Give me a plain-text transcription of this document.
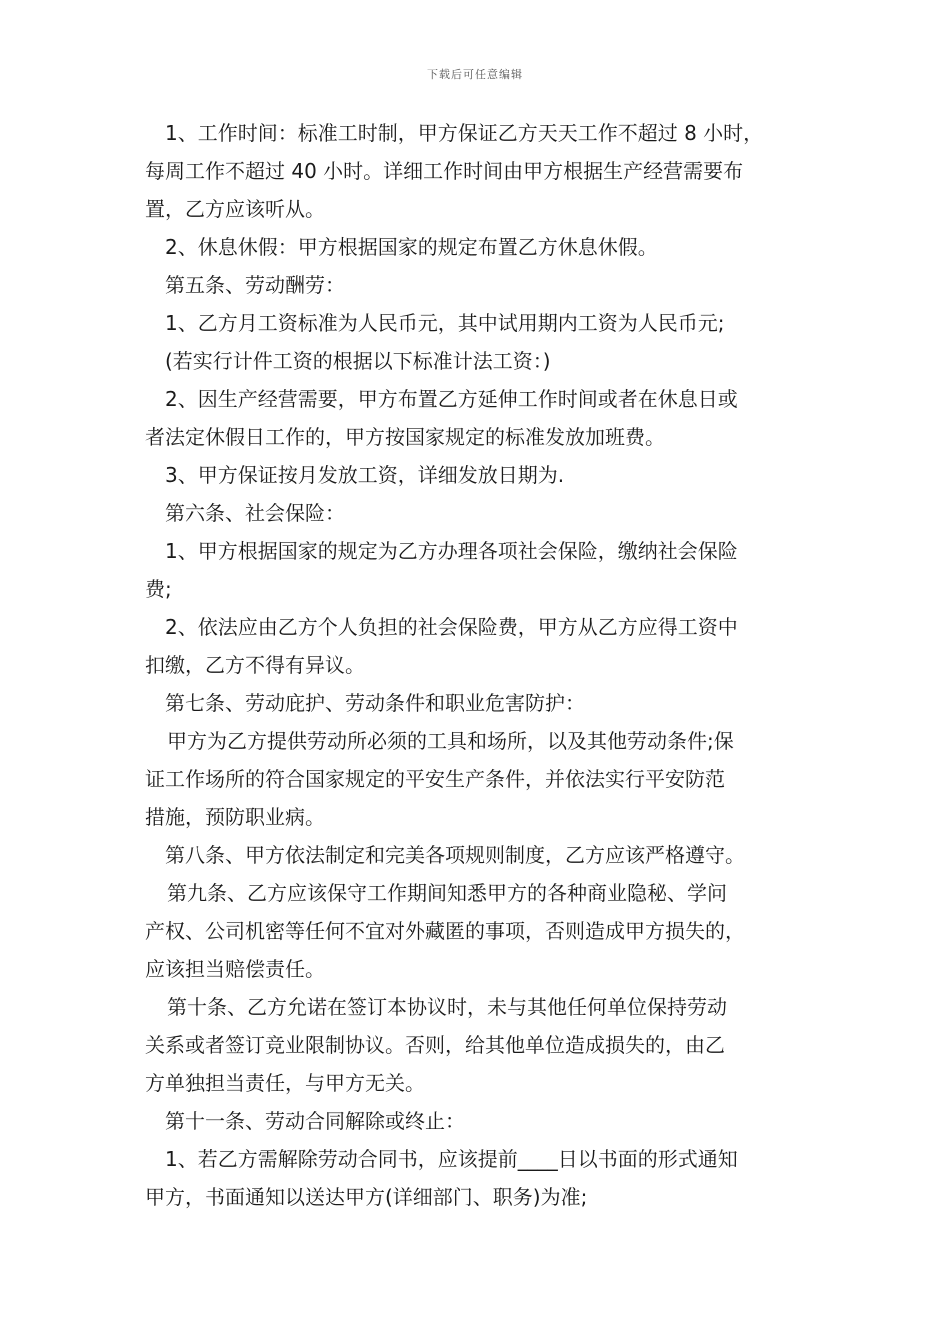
下载后可任意编辑
1、工作时间：标准工时制，甲方保证乙方天天工作不超过 8 小时，
每周工作不超过 40 小时。详细工作时间由甲方根据生产经营需要布
置，乙方应该听从。
2、休息休假：甲方根据国家的规定布置乙方休息休假。
第五条、劳动酬劳：
1、乙方月工资标准为人民币元，其中试用期内工资为人民币元;
(若实行计件工资的根据以下标准计法工资：)
2、因生产经营需要，甲方布置乙方延伸工作时间或者在休息日或
者法定休假日工作的，甲方按国家规定的标准发放加班费。
3、甲方保证按月发放工资，详细发放日期为.
第六条、社会保险：
1、甲方根据国家的规定为乙方办理各项社会保险，缴纳社会保险
费;
2、依法应由乙方个人负担的社会保险费，甲方从乙方应得工资中
扣缴，乙方不得有异议。
第七条、劳动庇护、劳动条件和职业危害防护：
甲方为乙方提供劳动所必须的工具和场所，以及其他劳动条件;保
证工作场所的符合国家规定的平安生产条件，并依法实行平安防范
措施，预防职业病。
第八条、甲方依法制定和完美各项规则制度，乙方应该严格遵守。
第九条、乙方应该保守工作期间知悉甲方的各种商业隐秘、学问
产权、公司机密等任何不宜对外藏匿的事项，否则造成甲方损失的，
应该担当赔偿责任。
第十条、乙方允诺在签订本协议时，未与其他任何单位保持劳动
关系或者签订竞业限制协议。否则，给其他单位造成损失的，由乙
方单独担当责任，与甲方无关。
第十一条、劳动合同解除或终止：
1、若乙方需解除劳动合同书，应该提前____日以书面的形式通知
甲方，书面通知以送达甲方(详细部门、职务)为准;
